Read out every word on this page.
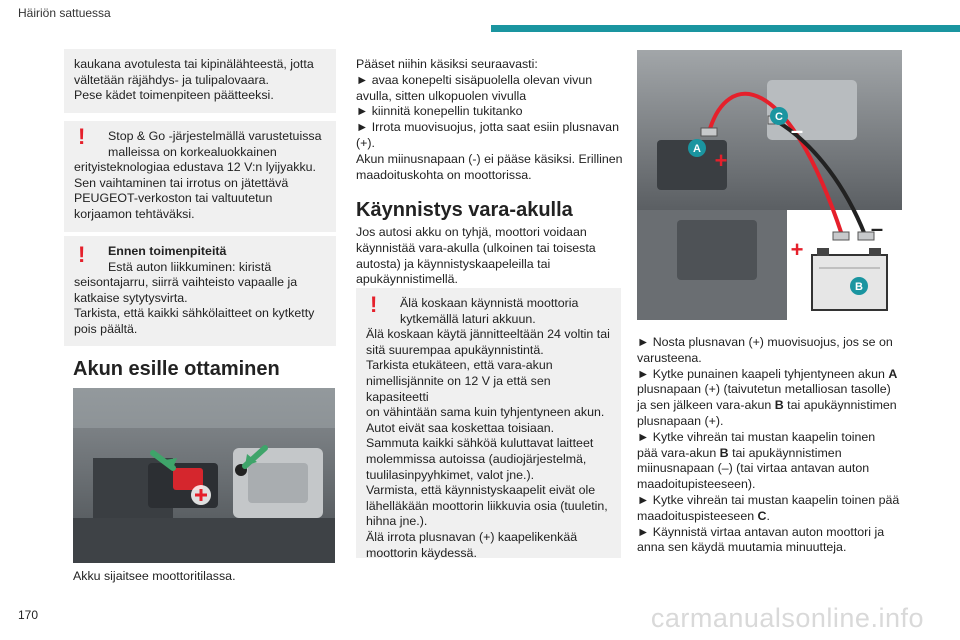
Häiriön sattuessa

kaukana avotulesta tai kipinälähteestä, jotta

vältetään räjähdys- ja tulipalovaara.

Pese kädet toimenpiteen päätteeksi.

!	Stop & Go -järjestelmällä varustetuissa
malleissa on korkealuokkainen

erityisteknologiaa edustava 12 V:n lyijyakku.

Sen vaihtaminen tai irrotus on jätettävä

PEUGEOT-verkoston tai valtuutetun

korjaamon tehtäväksi.

!	Ennen toimenpiteitä
Estä auton liikkuminen: kiristä

seisontajarru, siirrä vaihteisto vapaalle ja

katkaise sytytysvirta.

Tarkista, että kaikki sähkölaitteet on kytketty

pois päältä.

Akun esille ottaminen
Akku sijaitsee moottoritilassa.

Pääset niihin käsiksi seuraavasti:

► avaa konepelti sisäpuolella olevan vivun

avulla, sitten ulkopuolen vivulla

► kiinnitä konepellin tukitanko

► Irrota muovisuojus, jotta saat esiin plusnavan

(+).

Akun miinusnapaan (-) ei pääse käsiksi. Erillinen

maadoituskohta on moottorissa.

Käynnistys vara-akulla

Jos autosi akku on tyhjä, moottori voidaan

käynnistää vara-akulla (ulkoinen tai toisesta

autosta) ja käynnistyskaapeleilla tai

apukäynnistimellä.

!	Älä koskaan käynnistä moottoria
kytkemällä laturi akkuun.

Älä koskaan käytä jännitteeltään 24 voltin tai

sitä suurempaa apukäynnistintä.

Tarkista etukäteen, että vara-akun

nimellisjännite on 12 V ja että sen kapasiteetti

on vähintään sama kuin tyhjentyneen akun.

Autot eivät saa koskettaa toisiaan.

Sammuta kaikki sähköä kuluttavat laitteet

molemmissa autoissa (audiojärjestelmä,

tuulilasinpyyhkimet, valot jne.).

Varmista, että käynnistyskaapelit eivät ole

lähelläkään moottorin liikkuvia osia (tuuletin,

hihna jne.).

Älä irrota plusnavan (+) kaapelikenkää

moottorin käydessä.

A
B
C
+
–
+
–

► Nosta plusnavan (+) muovisuojus, jos se on

varusteena.

► Kytke punainen kaapeli tyhjentyneen akun A

plusnapaan (+) (taivutetun metalliosan tasolle)

ja sen jälkeen vara-akun B tai apukäynnistimen

plusnapaan (+).

► Kytke vihreän tai mustan kaapelin toinen

pää vara-akun B tai apukäynnistimen

miinusnapaan (–) (tai virtaa antavan auton

maadoitupisteeseen).

► Kytke vihreän tai mustan kaapelin toinen pää

maadoituspisteeseen C.

► Käynnistä virtaa antavan auton moottori ja

anna sen käydä muutamia minuutteja.

170	carmanualsonline.info
